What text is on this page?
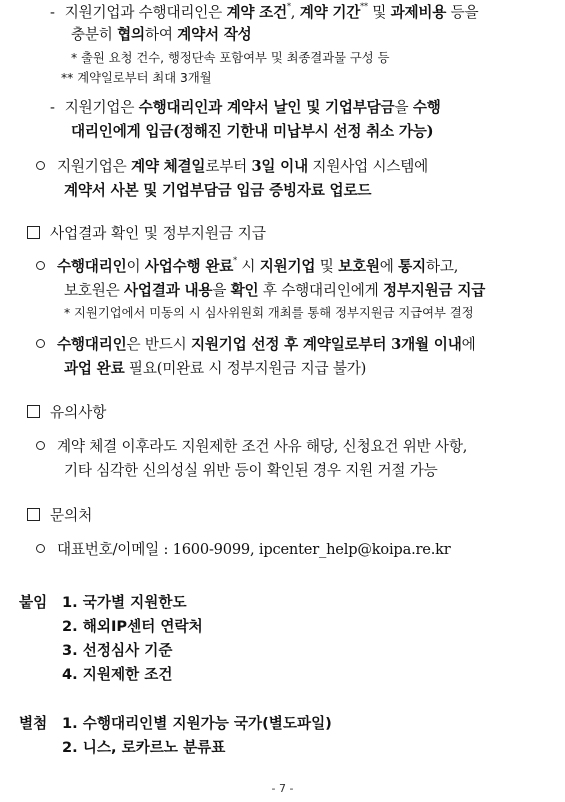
- 지원기업과 수행대리인은 계약 조건*, 계약 기간** 및 과제비용 등을
충분히 협의하여 계약서 작성
* 출원 요청 건수, 행정단속 포함여부 및 최종결과물 구성 등
** 계약일로부터 최대 3개월
- 지원기업은 수행대리인과 계약서 날인 및 기업부담금을 수행
대리인에게 입금(정해진 기한내 미납부시 선정 취소 가능)
지원기업은 계약 체결일로부터 3일 이내 지원사업 시스템에
계약서 사본 및 기업부담금 입금 증빙자료 업로드
사업결과 확인 및 정부지원금 지급
수행대리인이 사업수행 완료* 시 지원기업 및 보호원에 통지하고,
보호원은 사업결과 내용을 확인 후 수행대리인에게 정부지원금 지급
* 지원기업에서 미동의 시 심사위원회 개최를 통해 정부지원금 지급여부 결정
수행대리인은 반드시 지원기업 선정 후 계약일로부터 3개월 이내에
과업 완료 필요(미완료 시 정부지원금 지급 불가)
유의사항
계약 체결 이후라도 지원제한 조건 사유 해당, 신청요건 위반 사항,
기타 심각한 신의성실 위반 등이 확인된 경우 지원 거절 가능
문의처
대표번호/이메일 : 1600-9099, ipcenter_help@koipa.re.kr
붙임 1. 국가별 지원한도
2. 해외IP센터 연락처
3. 선정심사 기준
4. 지원제한 조건
별첨 1. 수행대리인별 지원가능 국가(별도파일)
2. 니스, 로카르노 분류표
- 7 -
